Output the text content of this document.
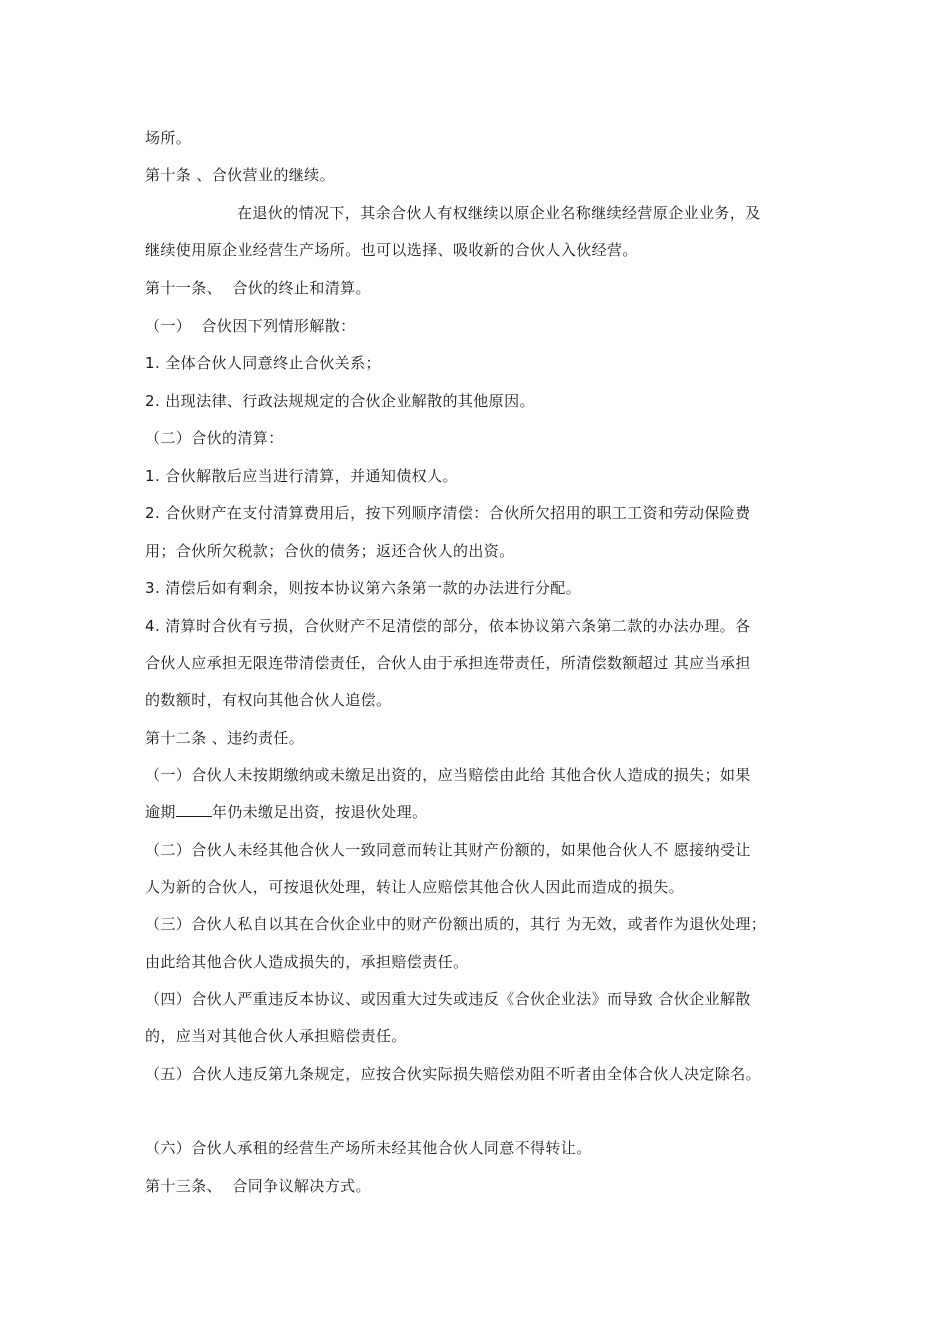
场所。
第十条 、合伙营业的继续。
在退伙的情况下，其余合伙人有权继续以原企业名称继续经营原企业业务，及
继续使用原企业经营生产场所。也可以选择、吸收新的合伙人入伙经营。
第十一条、  合伙的终止和清算。
（一）  合伙因下列情形解散：
1. 全体合伙人同意终止合伙关系；
2. 出现法律、行政法规规定的合伙企业解散的其他原因。
（二）合伙的清算：
1. 合伙解散后应当进行清算，并通知债权人。
2. 合伙财产在支付清算费用后，按下列顺序清偿：合伙所欠招用的职工工资和劳动保险费
用；合伙所欠税款；合伙的债务；返还合伙人的出资。
3. 清偿后如有剩余，则按本协议第六条第一款的办法进行分配。
4. 清算时合伙有亏损，合伙财产不足清偿的部分，依本协议第六条第二款的办法办理。各
合伙人应承担无限连带清偿责任，合伙人由于承担连带责任，所清偿数额超过 其应当承担
的数额时，有权向其他合伙人追偿。
第十二条 、违约责任。
（一）合伙人未按期缴纳或未缴足出资的，应当赔偿由此给 其他合伙人造成的损失；如果
逾期 年仍未缴足出资，按退伙处理。
（二）合伙人未经其他合伙人一致同意而转让其财产份额的，如果他合伙人不 愿接纳受让
人为新的合伙人，可按退伙处理，转让人应赔偿其他合伙人因此而造成的损失。
（三）合伙人私自以其在合伙企业中的财产份额出质的，其行 为无效，或者作为退伙处理；
由此给其他合伙人造成损失的，承担赔偿责任。
（四）合伙人严重违反本协议、或因重大过失或违反《合伙企业法》而导致 合伙企业解散
的，应当对其他合伙人承担赔偿责任。
（五）合伙人违反第九条规定，应按合伙实际损失赔偿劝阻不听者由全体合伙人决定除名。
（六）合伙人承租的经营生产场所未经其他合伙人同意不得转让。
第十三条、  合同争议解决方式。
